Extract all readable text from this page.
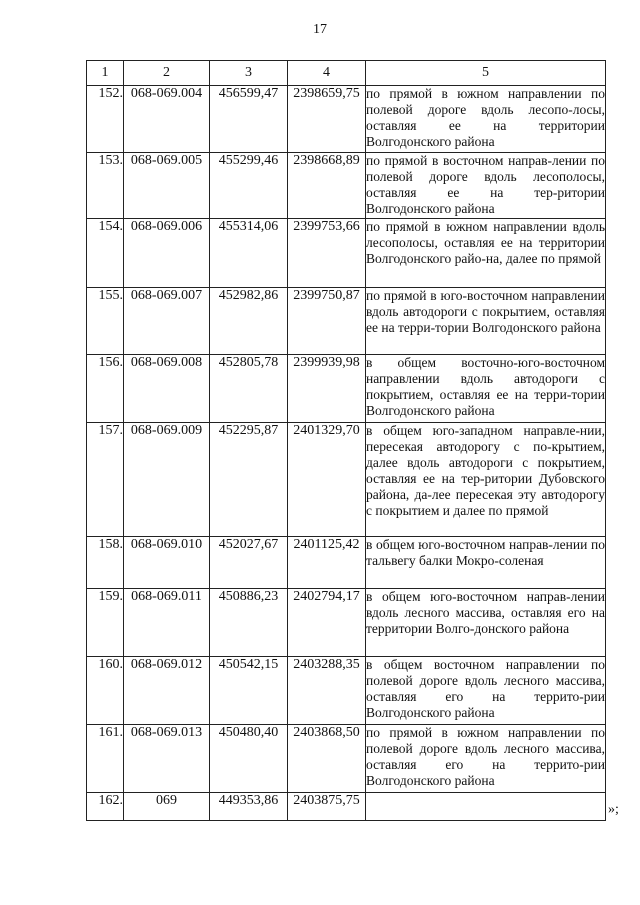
17
1	2	3	4	5
152.	068-069.004	456599,47	2398659,75	по прямой в южном направлении по полевой дороге вдоль лесопо-лосы, оставляя ее на территории Волгодонского района
153.	068-069.005	455299,46	2398668,89	по прямой в восточном направ-лении по полевой дороге вдоль лесополосы, оставляя ее на тер-ритории Волгодонского района
154.	068-069.006	455314,06	2399753,66	по прямой в южном направлении вдоль лесополосы, оставляя ее на территории Волгодонского райо-на, далее по прямой
155.	068-069.007	452982,86	2399750,87	по прямой в юго-восточном направлении вдоль автодороги с покрытием, оставляя ее на терри-тории Волгодонского района
156.	068-069.008	452805,78	2399939,98	в общем восточно-юго-восточном направлении вдоль автодороги с покрытием, оставляя ее на терри-тории Волгодонского района
157.	068-069.009	452295,87	2401329,70	в общем юго-западном направле-нии, пересекая автодорогу с по-крытием, далее вдоль автодороги с покрытием, оставляя ее на тер-ритории Дубовского района, да-лее пересекая эту автодорогу с покрытием и далее по прямой
158.	068-069.010	452027,67	2401125,42	в общем юго-восточном направ-лении по тальвегу балки Мокро-соленая
159.	068-069.011	450886,23	2402794,17	в общем юго-восточном направ-лении вдоль лесного массива, оставляя его на территории Волго-донского района
160.	068-069.012	450542,15	2403288,35	в общем восточном направлении по полевой дороге вдоль лесного массива, оставляя его на террито-рии Волгодонского района
161.	068-069.013	450480,40	2403868,50	по прямой в южном направлении по полевой дороге вдоль лесного массива, оставляя его на террито-рии Волгодонского района
162.	069	449353,86	2403875,75	
»;
